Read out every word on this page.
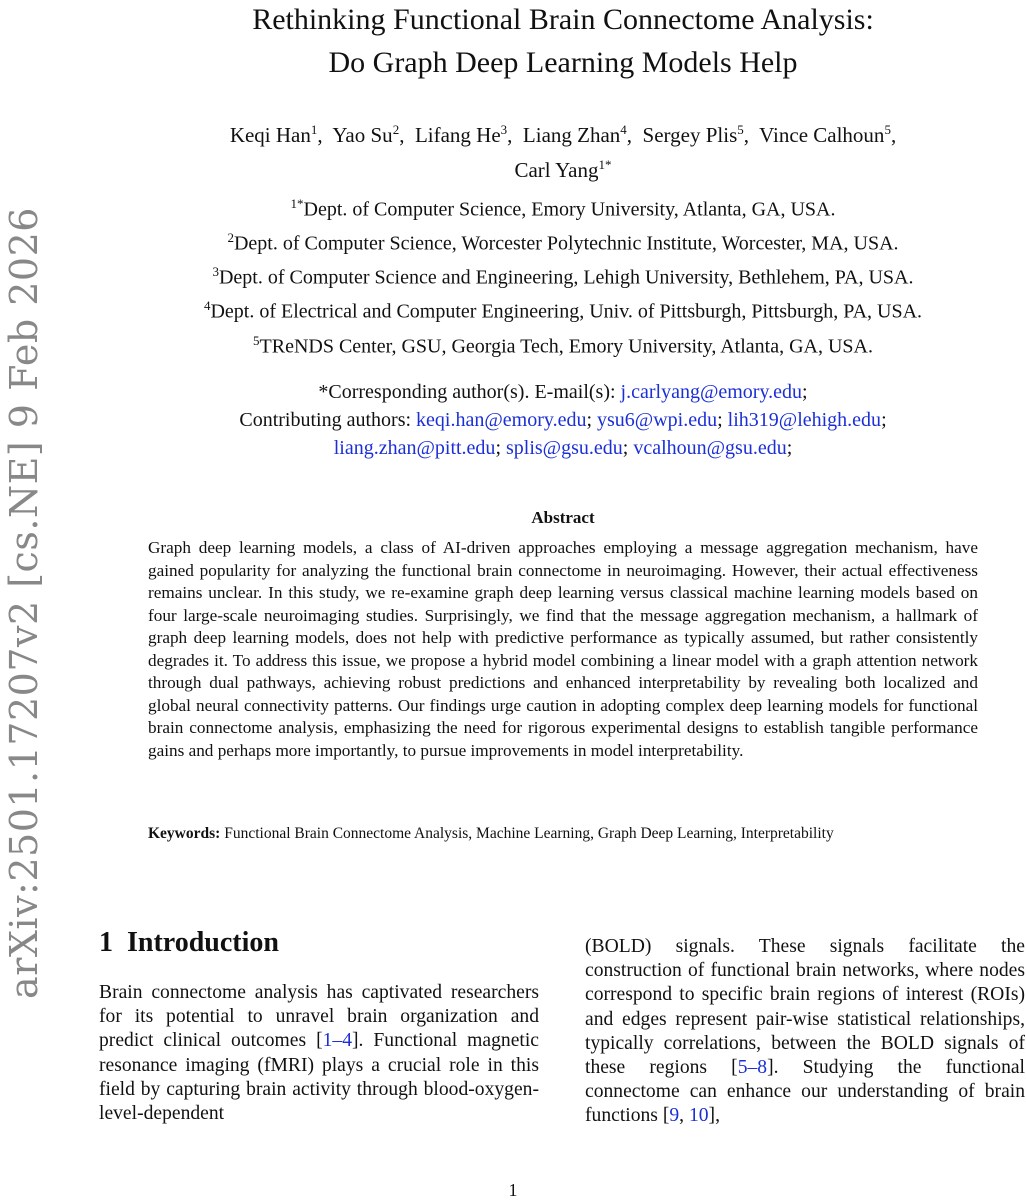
arXiv:2501.17207v2 [cs.NE] 9 Feb 2026
Rethinking Functional Brain Connectome Analysis:
Do Graph Deep Learning Models Help
Keqi Han$^1$,  Yao Su$^2$,  Lifang He$^3$,  Liang Zhan$^4$,  Sergey Plis$^5$,  Vince Calhoun$^5$,
Carl Yang$^{1*}$
$^{1*}$Dept. of Computer Science, Emory University, Atlanta, GA, USA.
$^2$Dept. of Computer Science, Worcester Polytechnic Institute, Worcester, MA, USA.
$^3$Dept. of Computer Science and Engineering, Lehigh University, Bethlehem, PA, USA.
$^4$Dept. of Electrical and Computer Engineering, Univ. of Pittsburgh, Pittsburgh, PA, USA.
$^5$TReNDS Center, GSU, Georgia Tech, Emory University, Atlanta, GA, USA.
*Corresponding author(s). E-mail(s): j.carlyang@emory.edu;
Contributing authors: keqi.han@emory.edu; ysu6@wpi.edu; lih319@lehigh.edu;
liang.zhan@pitt.edu; splis@gsu.edu; vcalhoun@gsu.edu;
Abstract
Graph deep learning models, a class of AI-driven approaches employing a message aggregation mechanism, have gained popularity for analyzing the functional brain connectome in neuroimaging. However, their actual effectiveness remains unclear. In this study, we re-examine graph deep learning versus classical machine learning models based on four large-scale neuroimaging studies. Surprisingly, we find that the message aggregation mechanism, a hallmark of graph deep learning models, does not help with predictive performance as typically assumed, but rather consistently degrades it. To address this issue, we propose a hybrid model combining a linear model with a graph attention network through dual pathways, achieving robust predictions and enhanced interpretability by revealing both localized and global neural connectivity patterns. Our findings urge caution in adopting complex deep learning models for functional brain connectome analysis, emphasizing the need for rigorous experimental designs to establish tangible performance gains and perhaps more importantly, to pursue improvements in model interpretability.
Keywords: Functional Brain Connectome Analysis, Machine Learning, Graph Deep Learning, Interpretability
1 Introduction
Brain connectome analysis has captivated researchers for its potential to unravel brain organization and predict clinical outcomes [1–4]. Functional magnetic resonance imaging (fMRI) plays a crucial role in this field by capturing brain activity through blood-oxygen-level-dependent
(BOLD) signals. These signals facilitate the construction of functional brain networks, where nodes correspond to specific brain regions of interest (ROIs) and edges represent pair-wise statistical relationships, typically correlations, between the BOLD signals of these regions [5–8]. Studying the functional connectome can enhance our understanding of brain functions [9, 10],
1
